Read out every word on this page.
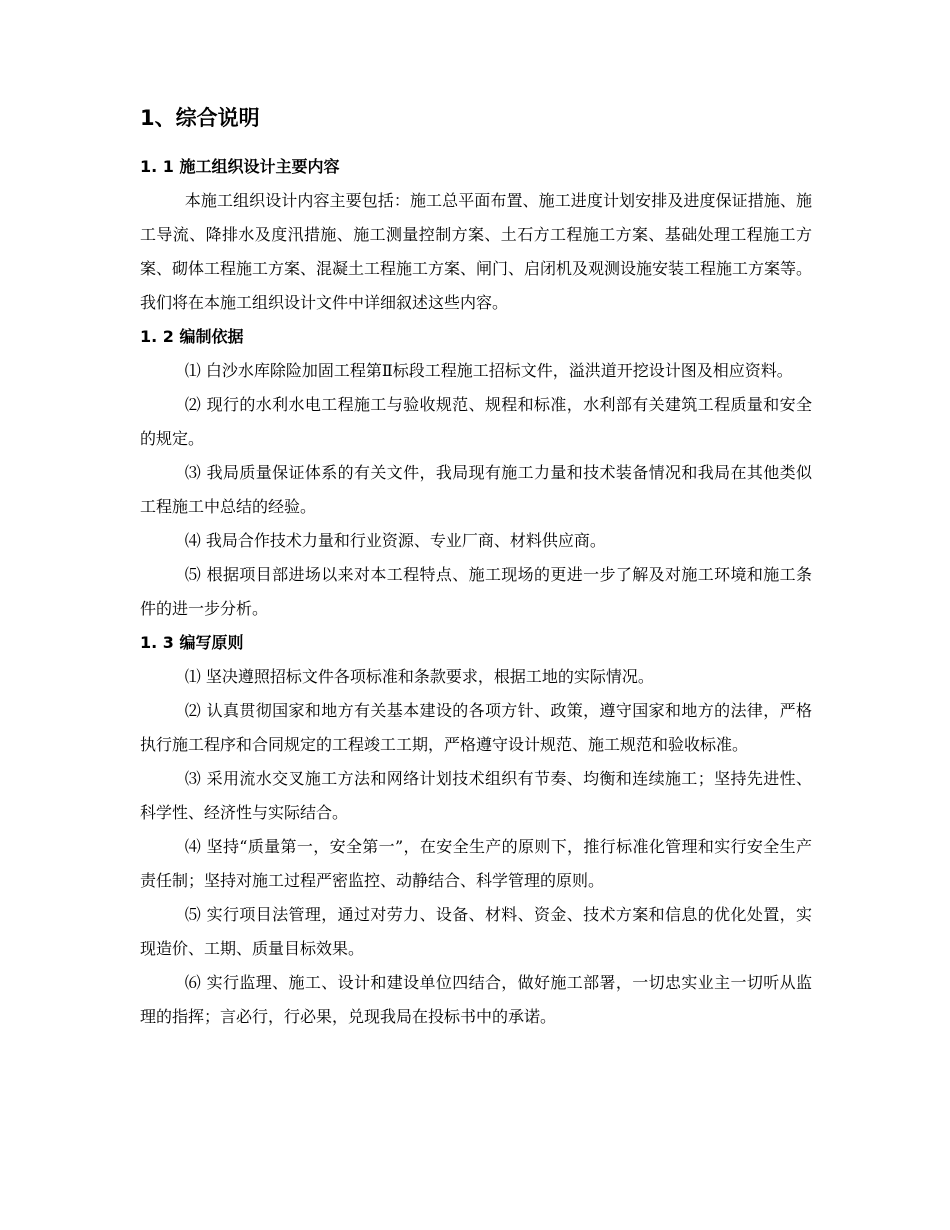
1、综合说明
1. 1 施工组织设计主要内容

本施工组织设计内容主要包括：施工总平面布置、施工进度计划安排及进度保证措施、施工导流、降排水及度汛措施、施工测量控制方案、土石方工程施工方案、基础处理工程施工方案、砌体工程施工方案、混凝土工程施工方案、闸门、启闭机及观测设施安装工程施工方案等。我们将在本施工组织设计文件中详细叙述这些内容。

1. 2 编制依据

⑴ 白沙水库除险加固工程第Ⅱ标段工程施工招标文件，溢洪道开挖设计图及相应资料。

⑵ 现行的水利水电工程施工与验收规范、规程和标准，水利部有关建筑工程质量和安全的规定。

⑶ 我局质量保证体系的有关文件，我局现有施工力量和技术装备情况和我局在其他类似工程施工中总结的经验。

⑷ 我局合作技术力量和行业资源、专业厂商、材料供应商。

⑸ 根据项目部进场以来对本工程特点、施工现场的更进一步了解及对施工环境和施工条件的进一步分析。

1. 3 编写原则

⑴ 坚决遵照招标文件各项标准和条款要求，根据工地的实际情况。

⑵ 认真贯彻国家和地方有关基本建设的各项方针、政策，遵守国家和地方的法律，严格执行施工程序和合同规定的工程竣工工期，严格遵守设计规范、施工规范和验收标准。

⑶ 采用流水交叉施工方法和网络计划技术组织有节奏、均衡和连续施工；坚持先进性、科学性、经济性与实际结合。

⑷ 坚持“质量第一，安全第一”，在安全生产的原则下，推行标准化管理和实行安全生产责任制；坚持对施工过程严密监控、动静结合、科学管理的原则。

⑸ 实行项目法管理，通过对劳力、设备、材料、资金、技术方案和信息的优化处置，实现造价、工期、质量目标效果。

⑹ 实行监理、施工、设计和建设单位四结合，做好施工部署，一切忠实业主一切听从监理的指挥；言必行，行必果，兑现我局在投标书中的承诺。
